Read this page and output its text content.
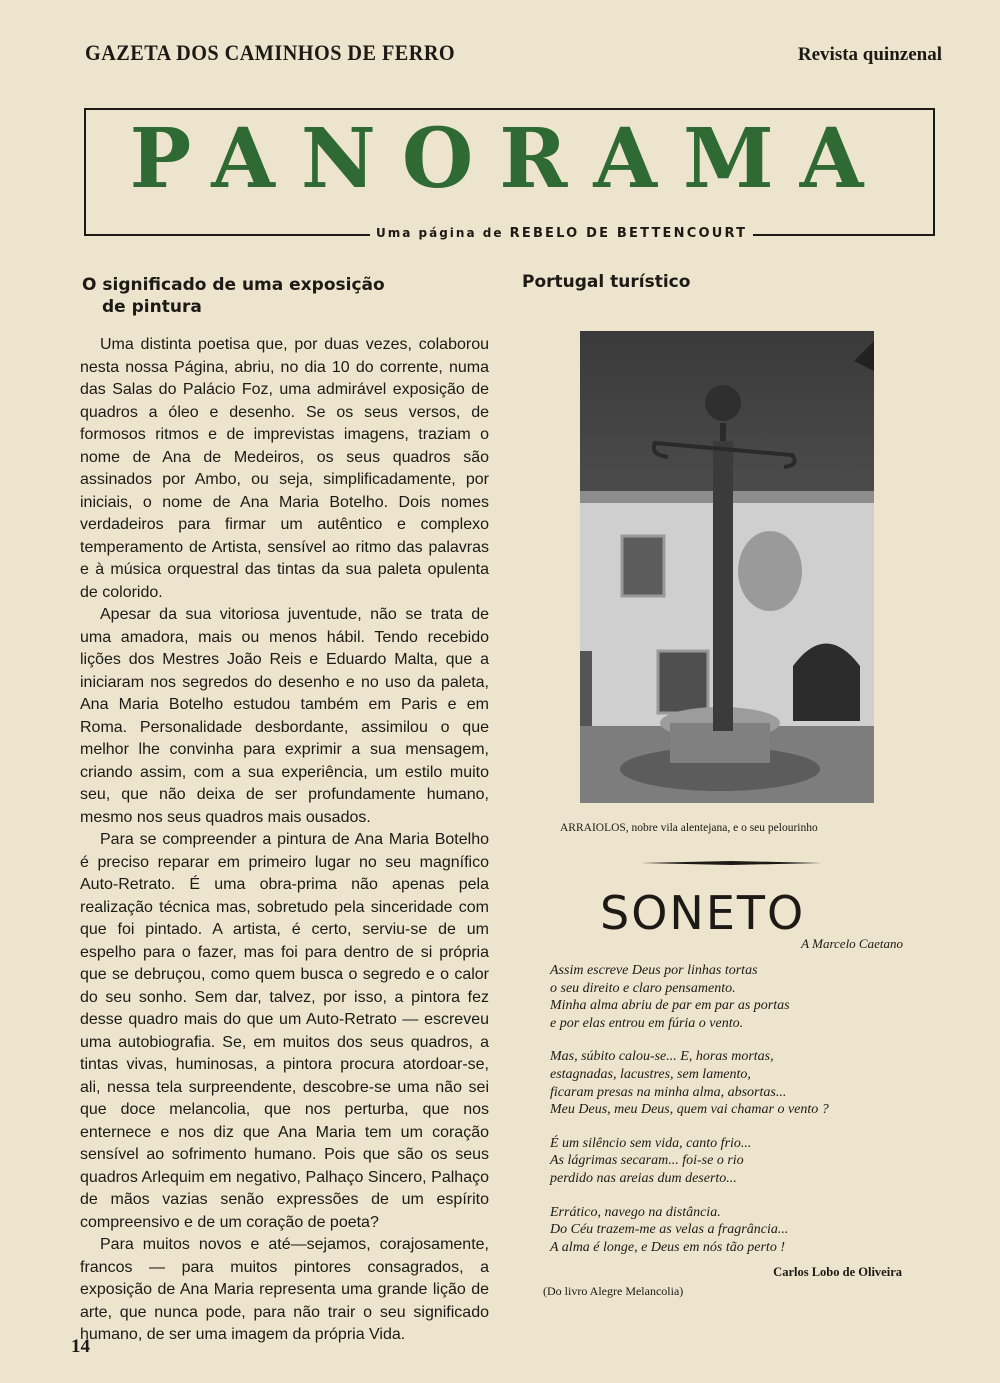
GAZETA DOS CAMINHOS DE FERRO	Revista quinzenal
PANORAMA
Uma página de REBELO DE BETTENCOURT
O significado de uma exposição
de pintura

Uma distinta poetisa que, por duas vezes, colaborou nesta nossa Página, abriu, no dia 10 do corrente, numa das Salas do Palácio Foz, uma admirável exposição de quadros a óleo e desenho. Se os seus versos, de formosos ritmos e de imprevistas imagens, traziam o nome de Ana de Medeiros, os seus quadros são assinados por Ambo, ou seja, simplificadamente, por iniciais, o nome de Ana Maria Botelho. Dois nomes verdadeiros para firmar um autêntico e complexo temperamento de Artista, sensível ao ritmo das palavras e à música orquestral das tintas da sua paleta opulenta de colorido.

Apesar da sua vitoriosa juventude, não se trata de uma amadora, mais ou menos hábil. Tendo recebido lições dos Mestres João Reis e Eduardo Malta, que a iniciaram nos segredos do desenho e no uso da paleta, Ana Maria Botelho estudou também em Paris e em Roma. Personalidade desbordante, assimilou o que melhor lhe convinha para exprimir a sua mensagem, criando assim, com a sua experiência, um estilo muito seu, que não deixa de ser profundamente humano, mesmo nos seus quadros mais ousados.

Para se compreender a pintura de Ana Maria Botelho é preciso reparar em primeiro lugar no seu magnífico Auto-Retrato. É uma obra-prima não apenas pela realização técnica mas, sobretudo pela sinceridade com que foi pintado. A artista, é certo, serviu-se de um espelho para o fazer, mas foi para dentro de si própria que se debruçou, como quem busca o segredo e o calor do seu sonho. Sem dar, talvez, por isso, a pintora fez desse quadro mais do que um Auto-Retrato — escreveu uma autobiografia. Se, em muitos dos seus quadros, a tintas vivas, huminosas, a pintora procura atordoar-se, ali, nessa tela surpreendente, descobre-se uma não sei que doce melancolia, que nos perturba, que nos enternece e nos diz que Ana Maria tem um coração sensível ao sofrimento humano. Pois que são os seus quadros Arlequim em negativo, Palhaço Sincero, Palhaço de mãos vazias senão expressões de um espírito compreensivo e de um coração de poeta?

Para muitos novos e até—sejamos, corajosamente, francos — para muitos pintores consagrados, a exposição de Ana Maria representa uma grande lição de arte, que nunca pode, para não trair o seu significado humano, de ser uma imagem da própria Vida.

Portugal turístico
ARRAIOLOS, nobre vila alentejana, e o seu pelourinho
SONETO
A Marcelo Caetano
Assim escreve Deus por linhas tortas
o seu direito e claro pensamento.
Minha alma abriu de par em par as portas
e por elas entrou em fúria o vento.
Mas, súbito calou-se... E, horas mortas,
estagnadas, lacustres, sem lamento,
ficaram presas na minha alma, absortas...
Meu Deus, meu Deus, quem vai chamar o vento ?
É um silêncio sem vida, canto frio...
As lágrimas secaram... foi-se o rio
perdido nas areias dum deserto...
Errático, navego na distância.
Do Céu trazem-me as velas a fragrância...
A alma é longe, e Deus em nós tão perto !
Carlos Lobo de Oliveira
(Do livro Alegre Melancolia)
14
